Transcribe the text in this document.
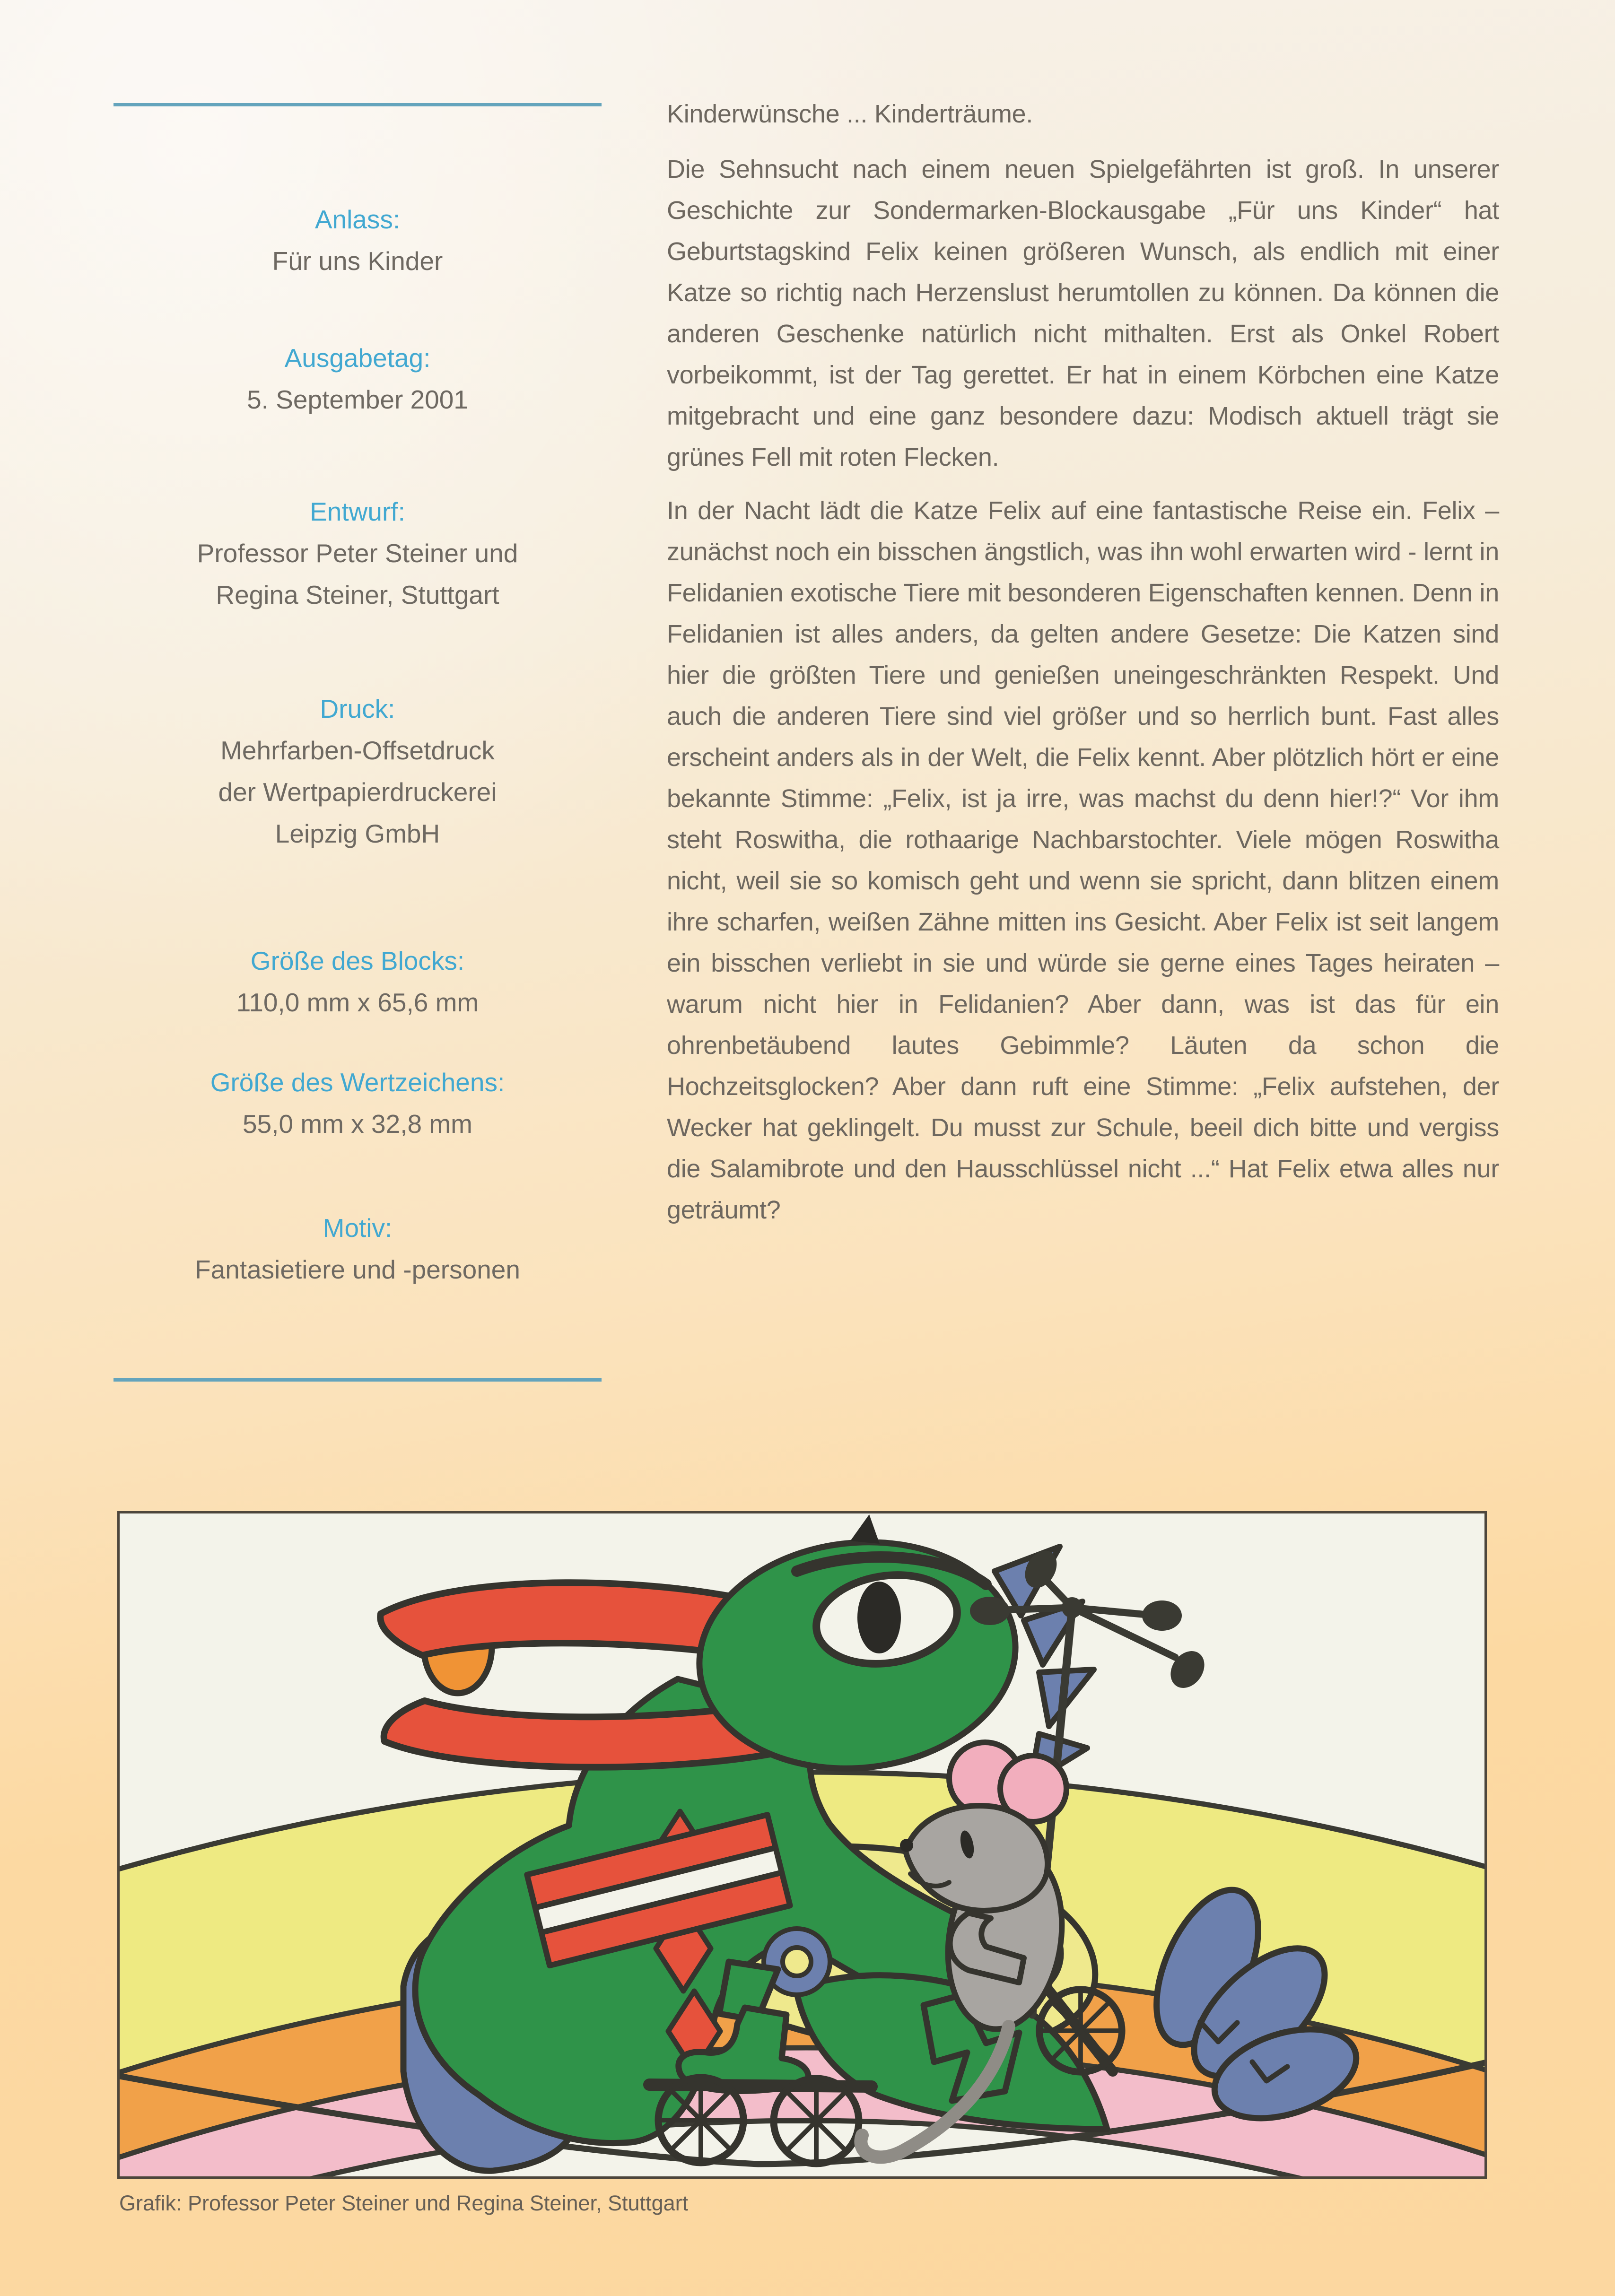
Anlass:
Für uns Kinder
Ausgabetag:
5. September 2001
Entwurf:
Professor Peter Steiner und
Regina Steiner, Stuttgart
Druck:
Mehrfarben-Offsetdruck
der Wertpapierdruckerei
Leipzig GmbH
Größe des Blocks:
110,0 mm x 65,6 mm
Größe des Wertzeichens:
55,0 mm x 32,8 mm
Motiv:
Fantasietiere und -personen
Kinderwünsche ... Kinderträume.

Die Sehnsucht nach einem neuen Spielgefährten ist groß. In unserer Geschichte zur Sondermarken-Blockausgabe „Für uns Kinder“ hat Geburtstagskind Felix keinen größeren Wunsch, als endlich mit einer Katze so richtig nach Herzenslust herumtollen zu können. Da können die anderen Geschenke natürlich nicht mithalten. Erst als Onkel Robert vorbeikommt, ist der Tag gerettet. Er hat in einem Körbchen eine Katze mitgebracht und eine ganz besondere dazu: Modisch aktuell trägt sie grünes Fell mit roten Flecken.

In der Nacht lädt die Katze Felix auf eine fantastische Reise ein. Felix – zunächst noch ein bisschen ängstlich, was ihn wohl erwarten wird - lernt in Felidanien exotische Tiere mit besonderen Eigenschaften kennen. Denn in Felidanien ist alles anders, da gelten andere Gesetze: Die Katzen sind hier die größten Tiere und genießen uneingeschränkten Respekt. Und auch die anderen Tiere sind viel größer und so herrlich bunt. Fast alles erscheint anders als in der Welt, die Felix kennt. Aber plötzlich hört er eine bekannte Stimme: „Felix, ist ja irre, was machst du denn hier!?“ Vor ihm steht Roswitha, die rothaarige Nachbarstochter. Viele mögen Roswitha nicht, weil sie so komisch geht und wenn sie spricht, dann blitzen einem ihre scharfen, weißen Zähne mitten ins Gesicht. Aber Felix ist seit langem ein bisschen verliebt in sie und würde sie gerne eines Tages heiraten – warum nicht hier in Felidanien? Aber dann, was ist das für ein ohrenbetäubend lautes Gebimmle? Läuten da schon die Hochzeitsglocken? Aber dann ruft eine Stimme: „Felix aufstehen, der Wecker hat geklingelt. Du musst zur Schule, beeil dich bitte und vergiss die Salamibrote und den Hausschlüssel nicht ...“ Hat Felix etwa alles nur geträumt?

Grafik: Professor Peter Steiner und Regina Steiner, Stuttgart
